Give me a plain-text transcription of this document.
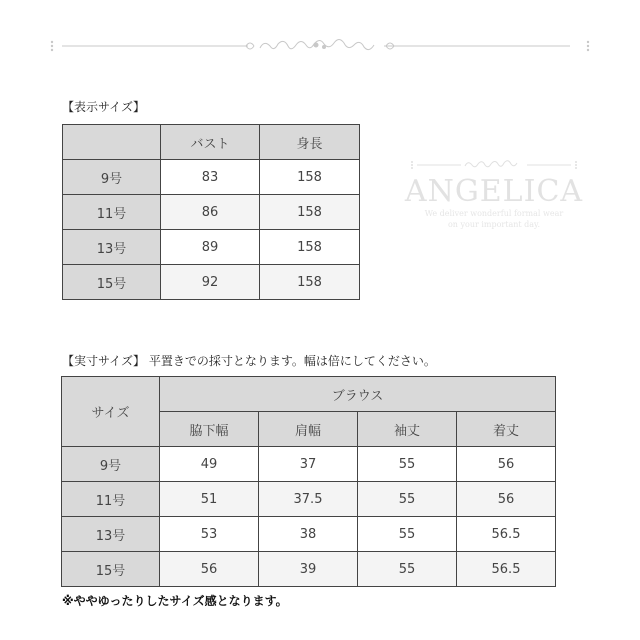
【表示サイズ】
	バスト	身長
9号	83	158
11号	86	158
13号	89	158
15号	92	158
ANGELICA
We deliver wonderful formal wear
on your important day.
【実寸サイズ】 平置きでの採寸となります。幅は倍にしてください。
サイズ	ブラウス			
	脇下幅	肩幅	袖丈	着丈
9号	49	37	55	56
11号	51	37.5	55	56
13号	53	38	55	56.5
15号	56	39	55	56.5
※ややゆったりしたサイズ感となります。
